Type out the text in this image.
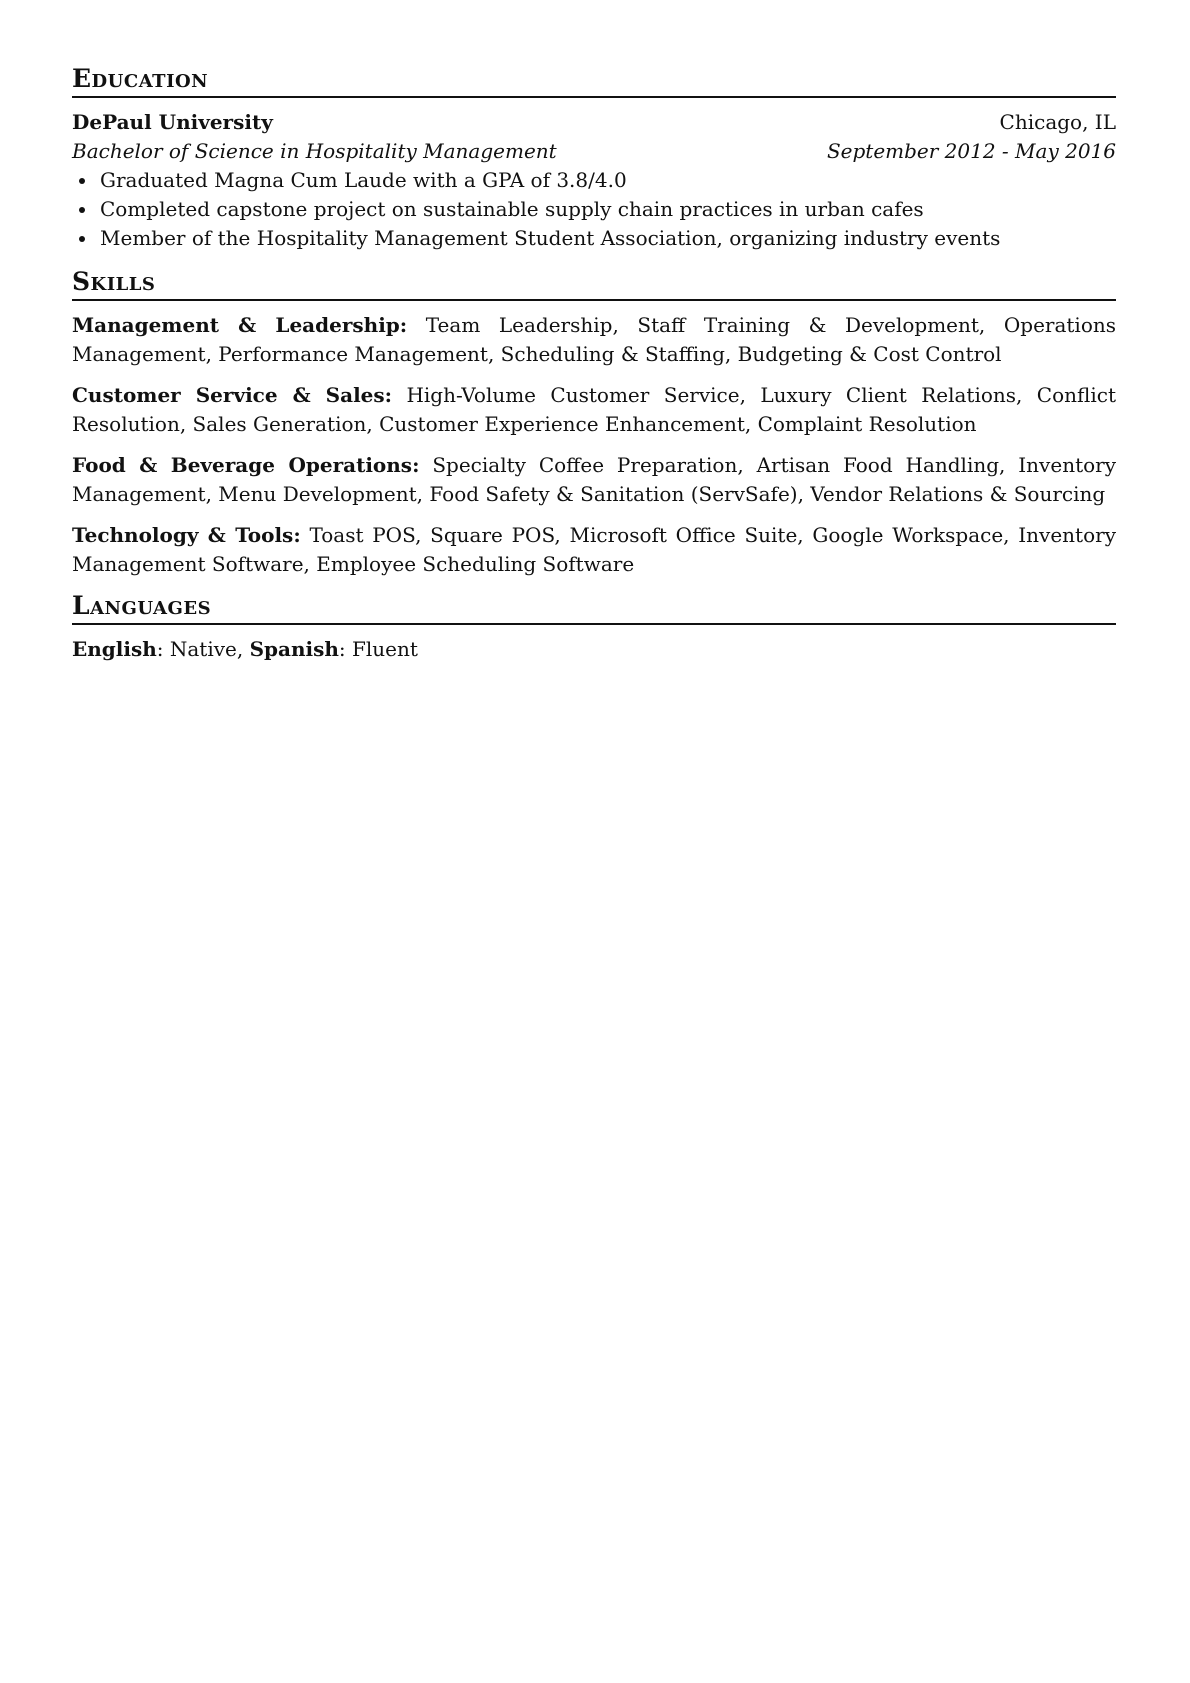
Education
DePaul University	Chicago, IL
Bachelor of Science in Hospitality Management	September 2012 - May 2016
Graduated Magna Cum Laude with a GPA of 3.8/4.0
Completed capstone project on sustainable supply chain practices in urban cafes
Member of the Hospitality Management Student Association, organizing industry events
Skills

Management & Leadership: Team Leadership, Staff Training & Development, Operations Management, Performance Management, Scheduling & Staffing, Budgeting & Cost Control

Customer Service & Sales: High-Volume Customer Service, Luxury Client Relations, Conflict Resolution, Sales Generation, Customer Experience Enhancement, Complaint Resolution

Food & Beverage Operations: Specialty Coffee Preparation, Artisan Food Handling, Inventory Management, Menu Development, Food Safety & Sanitation (ServSafe), Vendor Relations & Sourcing

Technology & Tools: Toast POS, Square POS, Microsoft Office Suite, Google Workspace, Inventory Management Software, Employee Scheduling Software

Languages
English: Native, Spanish: Fluent
